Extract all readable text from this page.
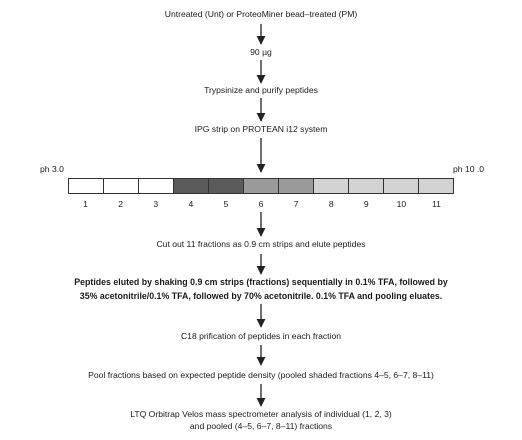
Untreated (Unt) or ProteoMiner bead–treated (PM)
90 µg
Trypsinize and purify peptides
IPG strip on PROTEAN i12 system
ph 3.0	ph 10 .0
1	2	3	4	5	6	7	8	9	10	11
Cut out 11 fractions as 0.9 cm strips and elute peptides
Peptides eluted by shaking 0.9 cm strips (fractions) sequentially in 0.1% TFA, followed by
35% acetonitrile/0.1% TFA, followed by 70% acetonitrile. 0.1% TFA and pooling eluates.
C18 prification of peptides in each fraction
Pool fractions based on expected peptide density (pooled shaded fractions 4–5, 6–7, 8–11)
LTQ Orbitrap Velos mass spectrometer analysis of individual (1, 2, 3)
and pooled (4–5, 6–7, 8–11) fractions
